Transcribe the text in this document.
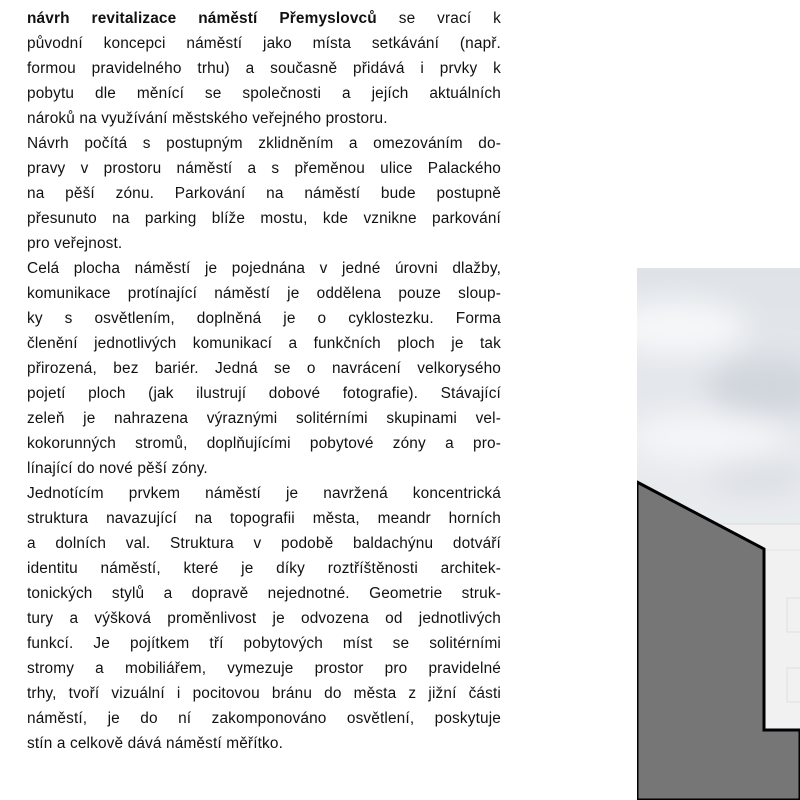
návrh revitalizace náměstí Přemyslovců se vrací k
původní koncepci náměstí jako místa setkávání (např.
formou pravidelného trhu) a současně přidává i prvky k
pobytu dle měnící se společnosti a jejích aktuálních
nároků na využívání městského veřejného prostoru.
Návrh počítá s postupným zklidněním a omezováním do-
pravy v prostoru náměstí a s přeměnou ulice Palackého
na pěší zónu. Parkování na náměstí bude postupně
přesunuto na parking blíže mostu, kde vznikne parkování
pro veřejnost.
Celá plocha náměstí je pojednána v jedné úrovni dlažby,
komunikace protínající náměstí je oddělena pouze sloup-
ky s osvětlením, doplněná je o cyklostezku. Forma
členění jednotlivých komunikací a funkčních ploch je tak
přirozená, bez bariér. Jedná se o navrácení velkorysého
pojetí ploch (jak ilustrují dobové fotografie). Stávající
zeleň je nahrazena výraznými solitérními skupinami vel-
kokorunných stromů, doplňujícími pobytové zóny a pro-
línající do nové pěší zóny.
Jednotícím prvkem náměstí je navržená koncentrická
struktura navazující na topografii města, meandr horních
a dolních val. Struktura v podobě baldachýnu dotváří
identitu náměstí, které je díky roztříštěnosti architek-
tonických stylů a dopravě nejednotné. Geometrie struk-
tury a výšková proměnlivost je odvozena od jednotlivých
funkcí. Je pojítkem tří pobytových míst se solitérními
stromy a mobiliářem, vymezuje prostor pro pravidelné
trhy, tvoří vizuální i pocitovou bránu do města z jižní části
náměstí, je do ní zakomponováno osvětlení, poskytuje
stín a celkově dává náměstí měřítko.
